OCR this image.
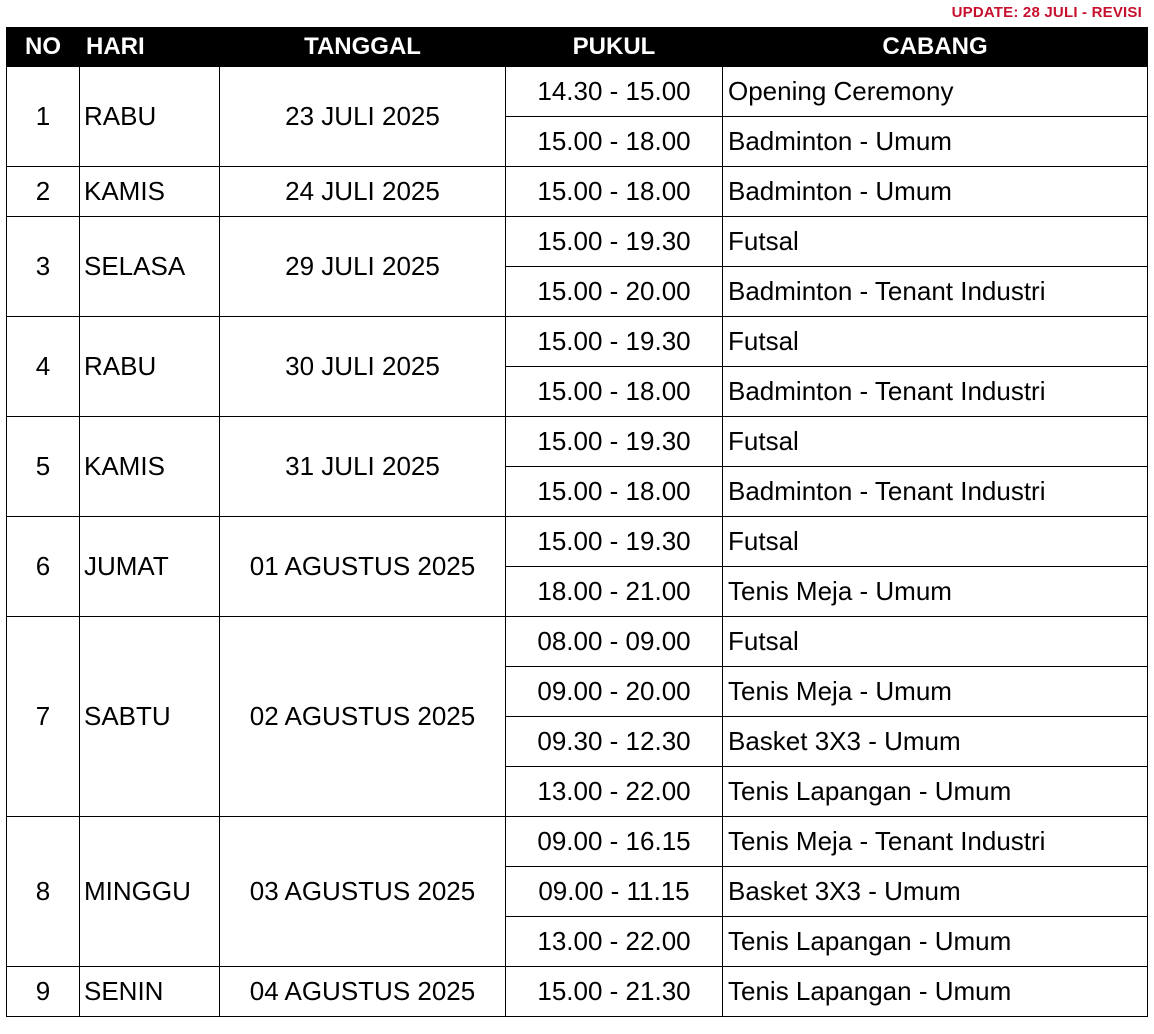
UPDATE: 28 JULI - REVISI
NO	HARI	TANGGAL	PUKUL	CABANG
1	RABU	23 JULI 2025	14.30 - 15.00	Opening Ceremony
			15.00 - 18.00	Badminton - Umum
2	KAMIS	24 JULI 2025	15.00 - 18.00	Badminton - Umum
3	SELASA	29 JULI 2025	15.00 - 19.30	Futsal
			15.00 - 20.00	Badminton - Tenant Industri
4	RABU	30 JULI 2025	15.00 - 19.30	Futsal
			15.00 - 18.00	Badminton - Tenant Industri
5	KAMIS	31 JULI 2025	15.00 - 19.30	Futsal
			15.00 - 18.00	Badminton - Tenant Industri
6	JUMAT	01 AGUSTUS 2025	15.00 - 19.30	Futsal
			18.00 - 21.00	Tenis Meja - Umum
7	SABTU	02 AGUSTUS 2025	08.00 - 09.00	Futsal
			09.00 - 20.00	Tenis Meja - Umum
			09.30 - 12.30	Basket 3X3 - Umum
			13.00 - 22.00	Tenis Lapangan - Umum
8	MINGGU	03 AGUSTUS 2025	09.00 - 16.15	Tenis Meja - Tenant Industri
			09.00 - 11.15	Basket 3X3 - Umum
			13.00 - 22.00	Tenis Lapangan - Umum
9	SENIN	04 AGUSTUS 2025	15.00 - 21.30	Tenis Lapangan - Umum
